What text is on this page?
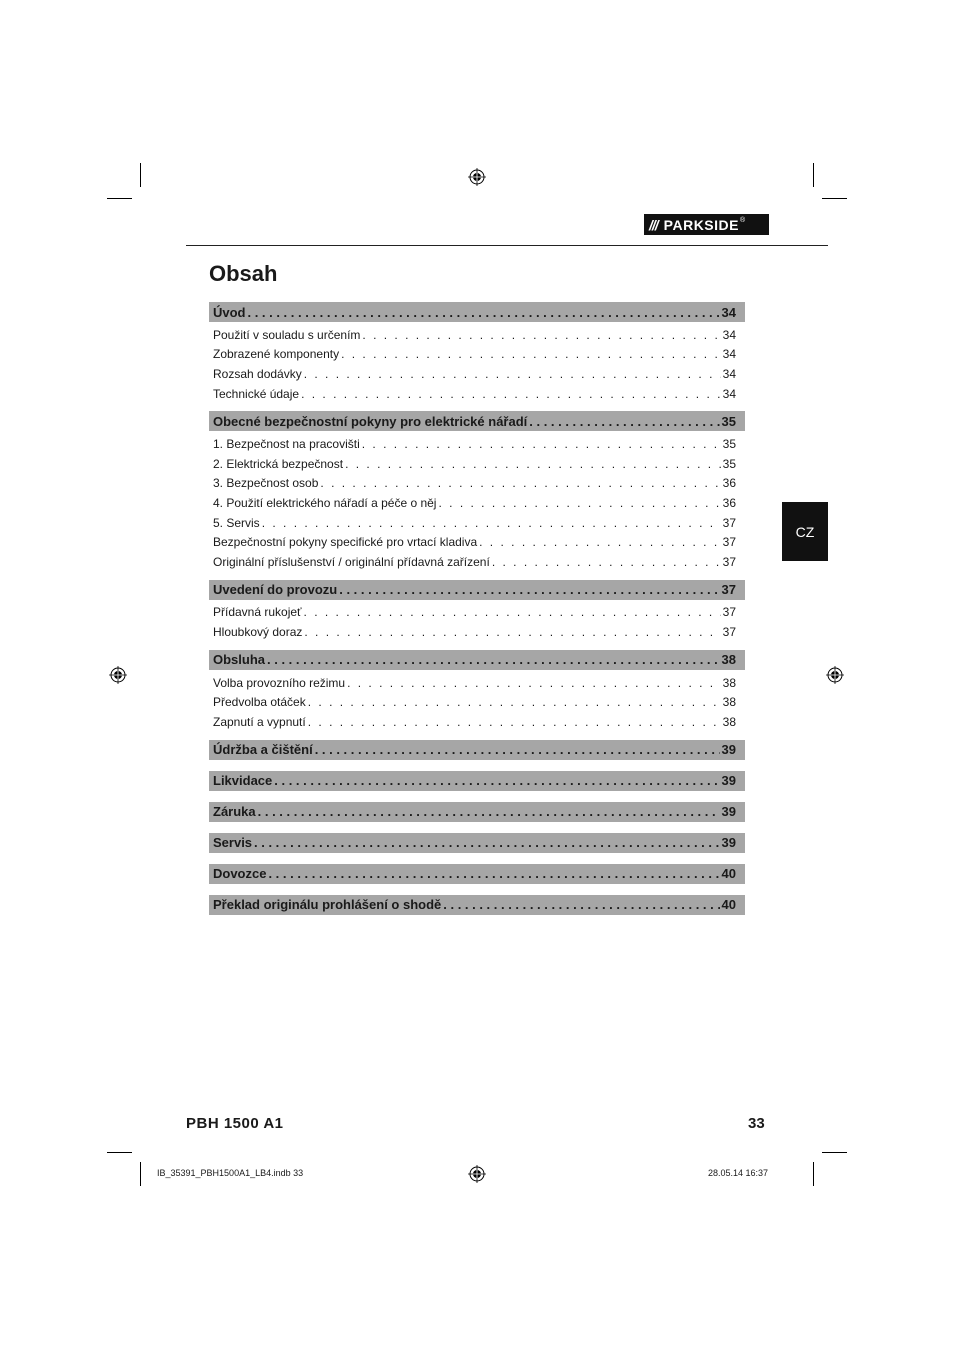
/// PARKSIDE ®
Obsah
CZ
Úvod .....	34
Použití v souladu s určením . . .	34
Zobrazené komponenty . . .	34
Rozsah dodávky . . .	34
Technické údaje . . .	34
Obecné bezpečnostní pokyny pro elektrické nářadí .....	35
1. Bezpečnost na pracovišti . . .	35
2. Elektrická bezpečnost . . .	35
3. Bezpečnost osob . . .	36
4. Použití elektrického nářadí a péče o něj . . .	36
5. Servis . . .	37
Bezpečnostní pokyny specifické pro vrtací kladiva . . .	37
Originální příslušenství / originální přídavná zařízení . . .	37
Uvedení do provozu .....	37
Přídavná rukojeť . . .	37
Hloubkový doraz . . .	37
Obsluha .....	38
Volba provozního režimu . . .	38
Předvolba otáček . . .	38
Zapnutí a vypnutí . . .	38
Údržba a čištění .....	39
Likvidace .....	39
Záruka .....	39
Servis .....	39
Dovozce .....	40
Překlad originálu prohlášení o shodě .....	40
PBH 1500 A1	33
IB_35391_PBH1500A1_LB4.indb 33	28.05.14 16:37
